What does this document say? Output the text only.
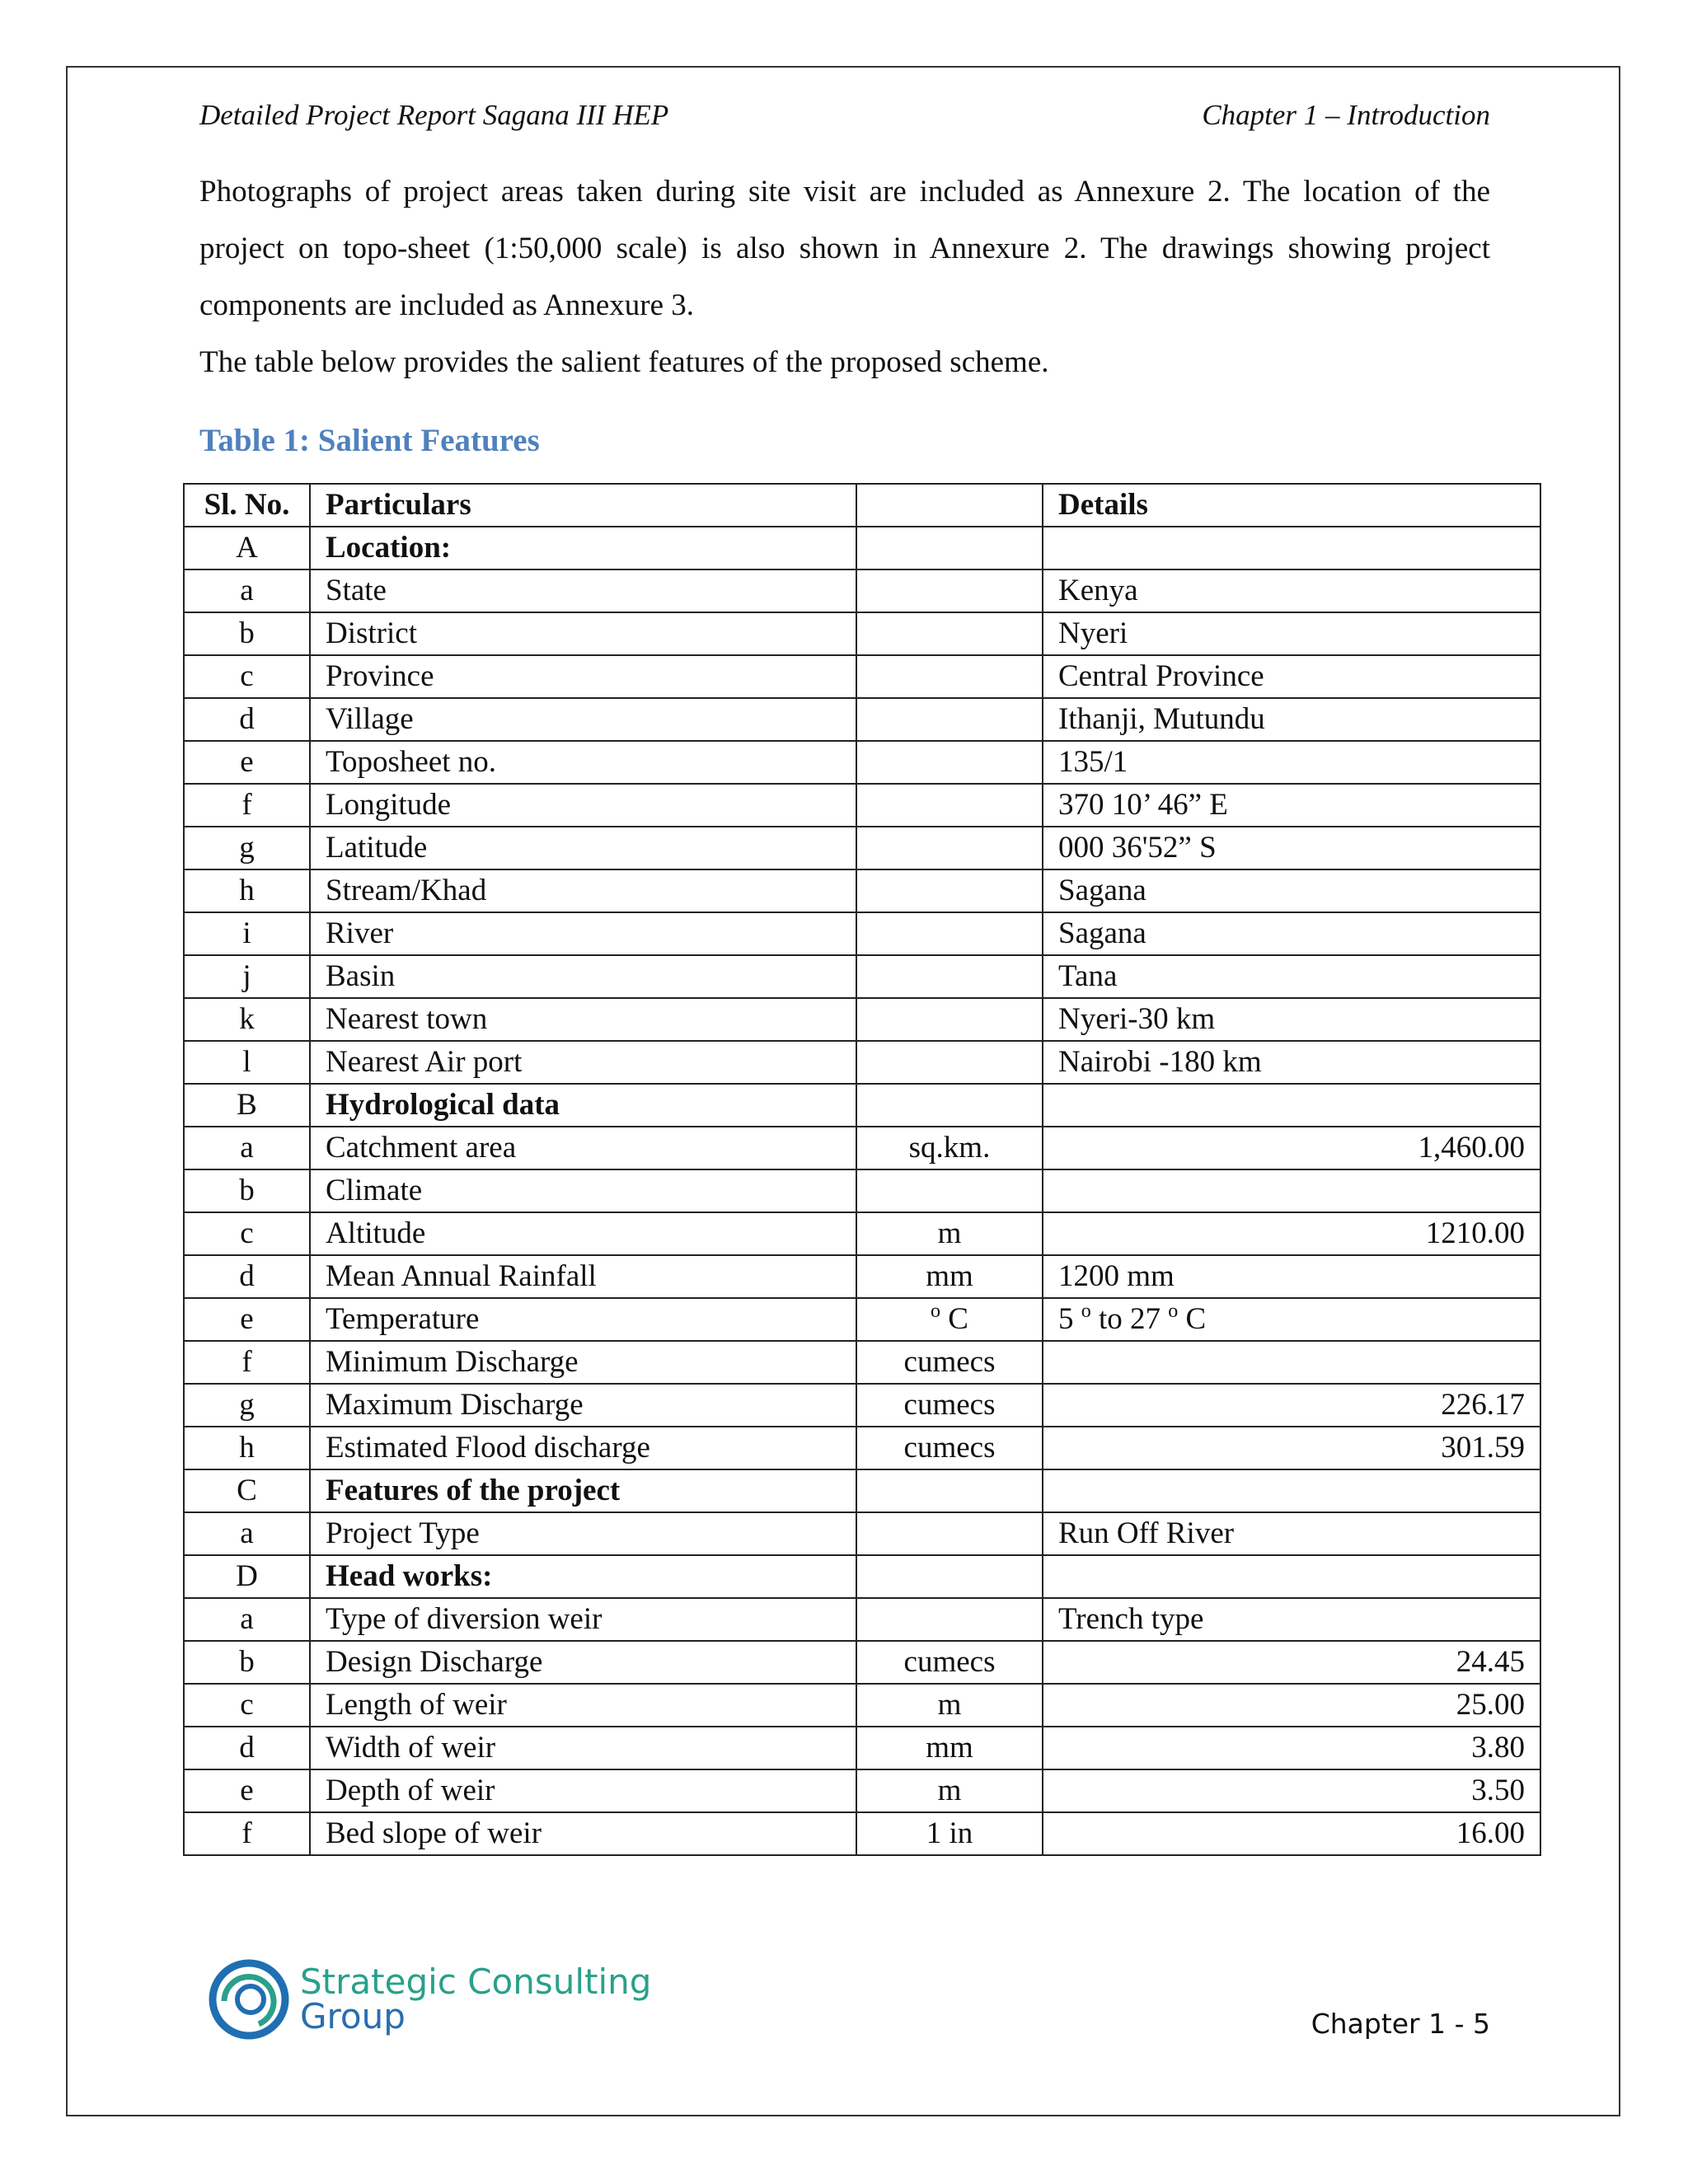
Detailed Project Report Sagana III HEP	Chapter 1 – Introduction

Photographs of project areas taken during site visit are included as Annexure 2. The location of the project on topo-sheet (1:50,000 scale) is also shown in Annexure 2. The drawings showing project components are included as Annexure 3.

The table below provides the salient features of the proposed scheme.

Table 1: Salient Features

Sl. No.	Particulars		Details
A	Location:		
a	State		Kenya
b	District		Nyeri
c	Province		Central Province
d	Village		Ithanji, Mutundu
e	Toposheet no.		135/1
f	Longitude		370 10’ 46” E
g	Latitude		000 36'52” S
h	Stream/Khad		Sagana
i	River		Sagana
j	Basin		Tana
k	Nearest town		Nyeri-30 km
l	Nearest Air port		Nairobi -180 km
B	Hydrological data		
a	Catchment area	sq.km.	1,460.00
b	Climate		
c	Altitude	m	1210.00
d	Mean Annual Rainfall	mm	1200 mm
e	Temperature	$^o$ C	5 $^o$ to 27 $^o$ C
f	Minimum Discharge	cumecs	
g	Maximum Discharge	cumecs	226.17
h	Estimated Flood discharge	cumecs	301.59
C	Features of the project		
a	Project Type		Run Off River
D	Head works:		
a	Type of diversion weir		Trench type
b	Design Discharge	cumecs	24.45
c	Length of weir	m	25.00
d	Width of weir	mm	3.80
e	Depth of weir	m	3.50
f	Bed slope of weir	1 in	16.00
Strategic Consulting
Group	Chapter 1 - 5
